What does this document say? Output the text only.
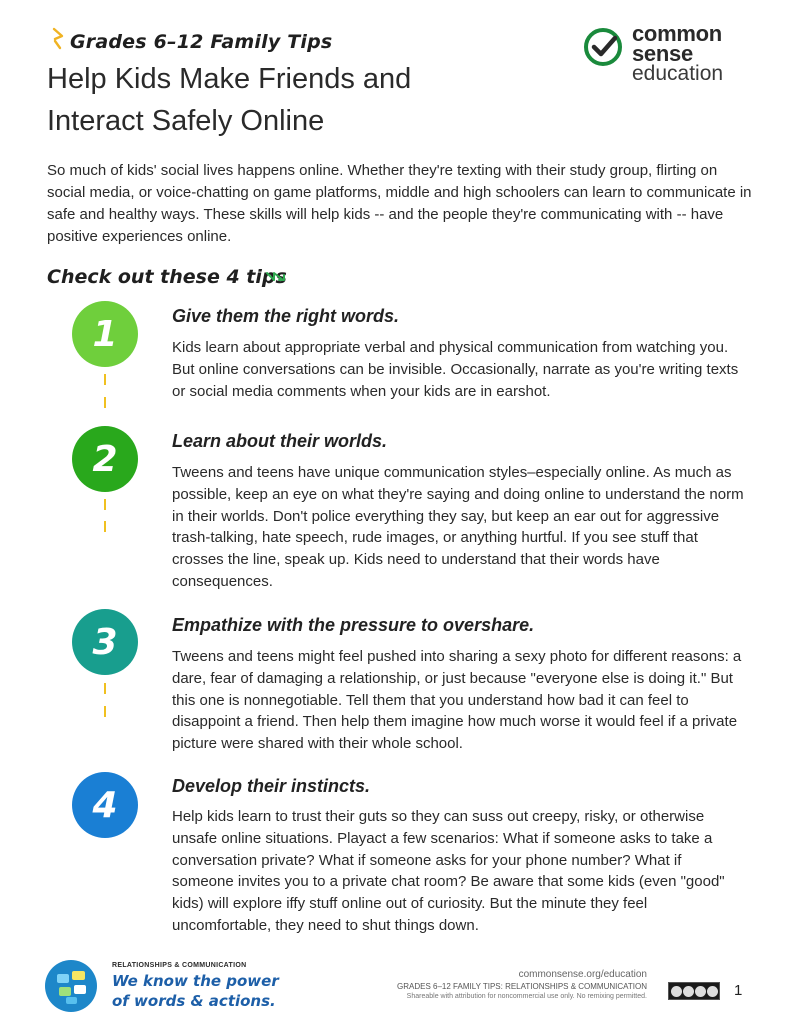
Grades 6–12 Family Tips
Help Kids Make Friends and
Interact Safely Online
common
sense
education
So much of kids' social lives happens online. Whether they're texting with their study group, flirting on social media, or voice-chatting on game platforms, middle and high schoolers can learn to communicate in safe and healthy ways. These skills will help kids -- and the people they're communicating with -- have positive experiences online.
Check out these 4 tips
1	Give them the right words.
Kids learn about appropriate verbal and physical communication from watching you. But online conversations can be invisible. Occasionally, narrate as you're writing texts or social media comments when your kids are in earshot.
2	Learn about their worlds.
Tweens and teens have unique communication styles–especially online. As much as possible, keep an eye on what they're saying and doing online to understand the norm in their worlds. Don't police everything they say, but keep an ear out for aggressive trash-talking, hate speech, rude images, or anything hurtful. If you see stuff that crosses the line, speak up. Kids need to understand that their words have consequences.
3	Empathize with the pressure to overshare.
Tweens and teens might feel pushed into sharing a sexy photo for different reasons: a dare, fear of damaging a relationship, or just because "everyone else is doing it." But this one is nonnegotiable. Tell them that you understand how bad it can feel to disappoint a friend. Then help them imagine how much worse it would feel if a private picture were shared with their whole school.
4	Develop their instincts.
Help kids learn to trust their guts so they can suss out creepy, risky, or otherwise unsafe online situations. Playact a few scenarios: What if someone asks to take a conversation private? What if someone asks for your phone number? What if someone invites you to a private chat room? Be aware that some kids (even "good" kids) will explore iffy stuff online out of curiosity. But the minute they feel uncomfortable, they need to shut things down.
RELATIONSHIPS & COMMUNICATION
We know the power
of words & actions.
commonsense.org/education
GRADES 6–12 FAMILY TIPS: RELATIONSHIPS & COMMUNICATION
Shareable with attribution for noncommercial use only. No remixing permitted.	1
